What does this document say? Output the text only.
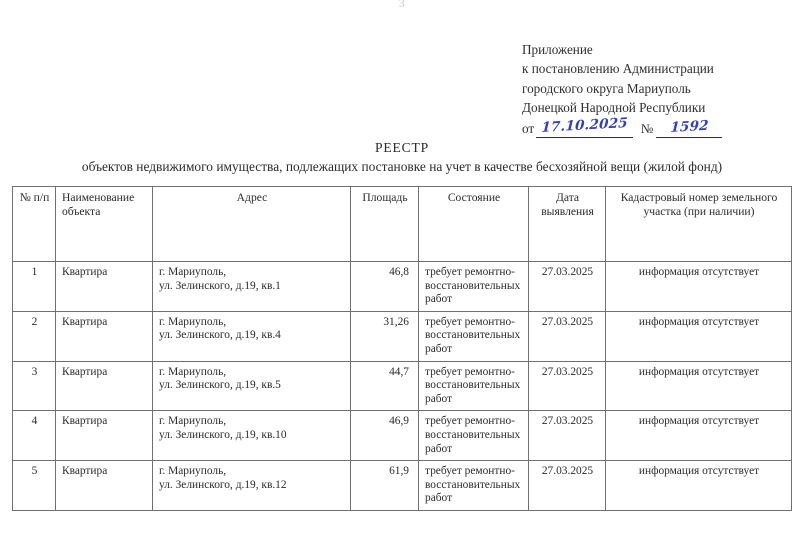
3
Приложение
к постановлению Администрации
городского округа Мариуполь
Донецкой Народной Республики
от 17.10.2025 №	1592
РЕЕСТР
объектов недвижимого имущества, подлежащих постановке на учет в качестве бесхозяйной вещи (жилой фонд)
№ п/п	Наименование объекта	Адрес	Площадь	Состояние	Дата выявления	Кадастровый номер земельного участка (при наличии)
1	Квартира	г. Мариуполь,
ул. Зелинского, д.19, кв.1	46,8	требует ремонтно-восстановительных работ	27.03.2025	информация отсутствует
2	Квартира	г. Мариуполь,
ул. Зелинского, д.19, кв.4	31,26	требует ремонтно-восстановительных работ	27.03.2025	информация отсутствует
3	Квартира	г. Мариуполь,
ул. Зелинского, д.19, кв.5	44,7	требует ремонтно-восстановительных работ	27.03.2025	информация отсутствует
4	Квартира	г. Мариуполь,
ул. Зелинского, д.19, кв.10	46,9	требует ремонтно-восстановительных работ	27.03.2025	информация отсутствует
5	Квартира	г. Мариуполь,
ул. Зелинского, д.19, кв.12	61,9	требует ремонтно-восстановительных работ	27.03.2025	информация отсутствует
